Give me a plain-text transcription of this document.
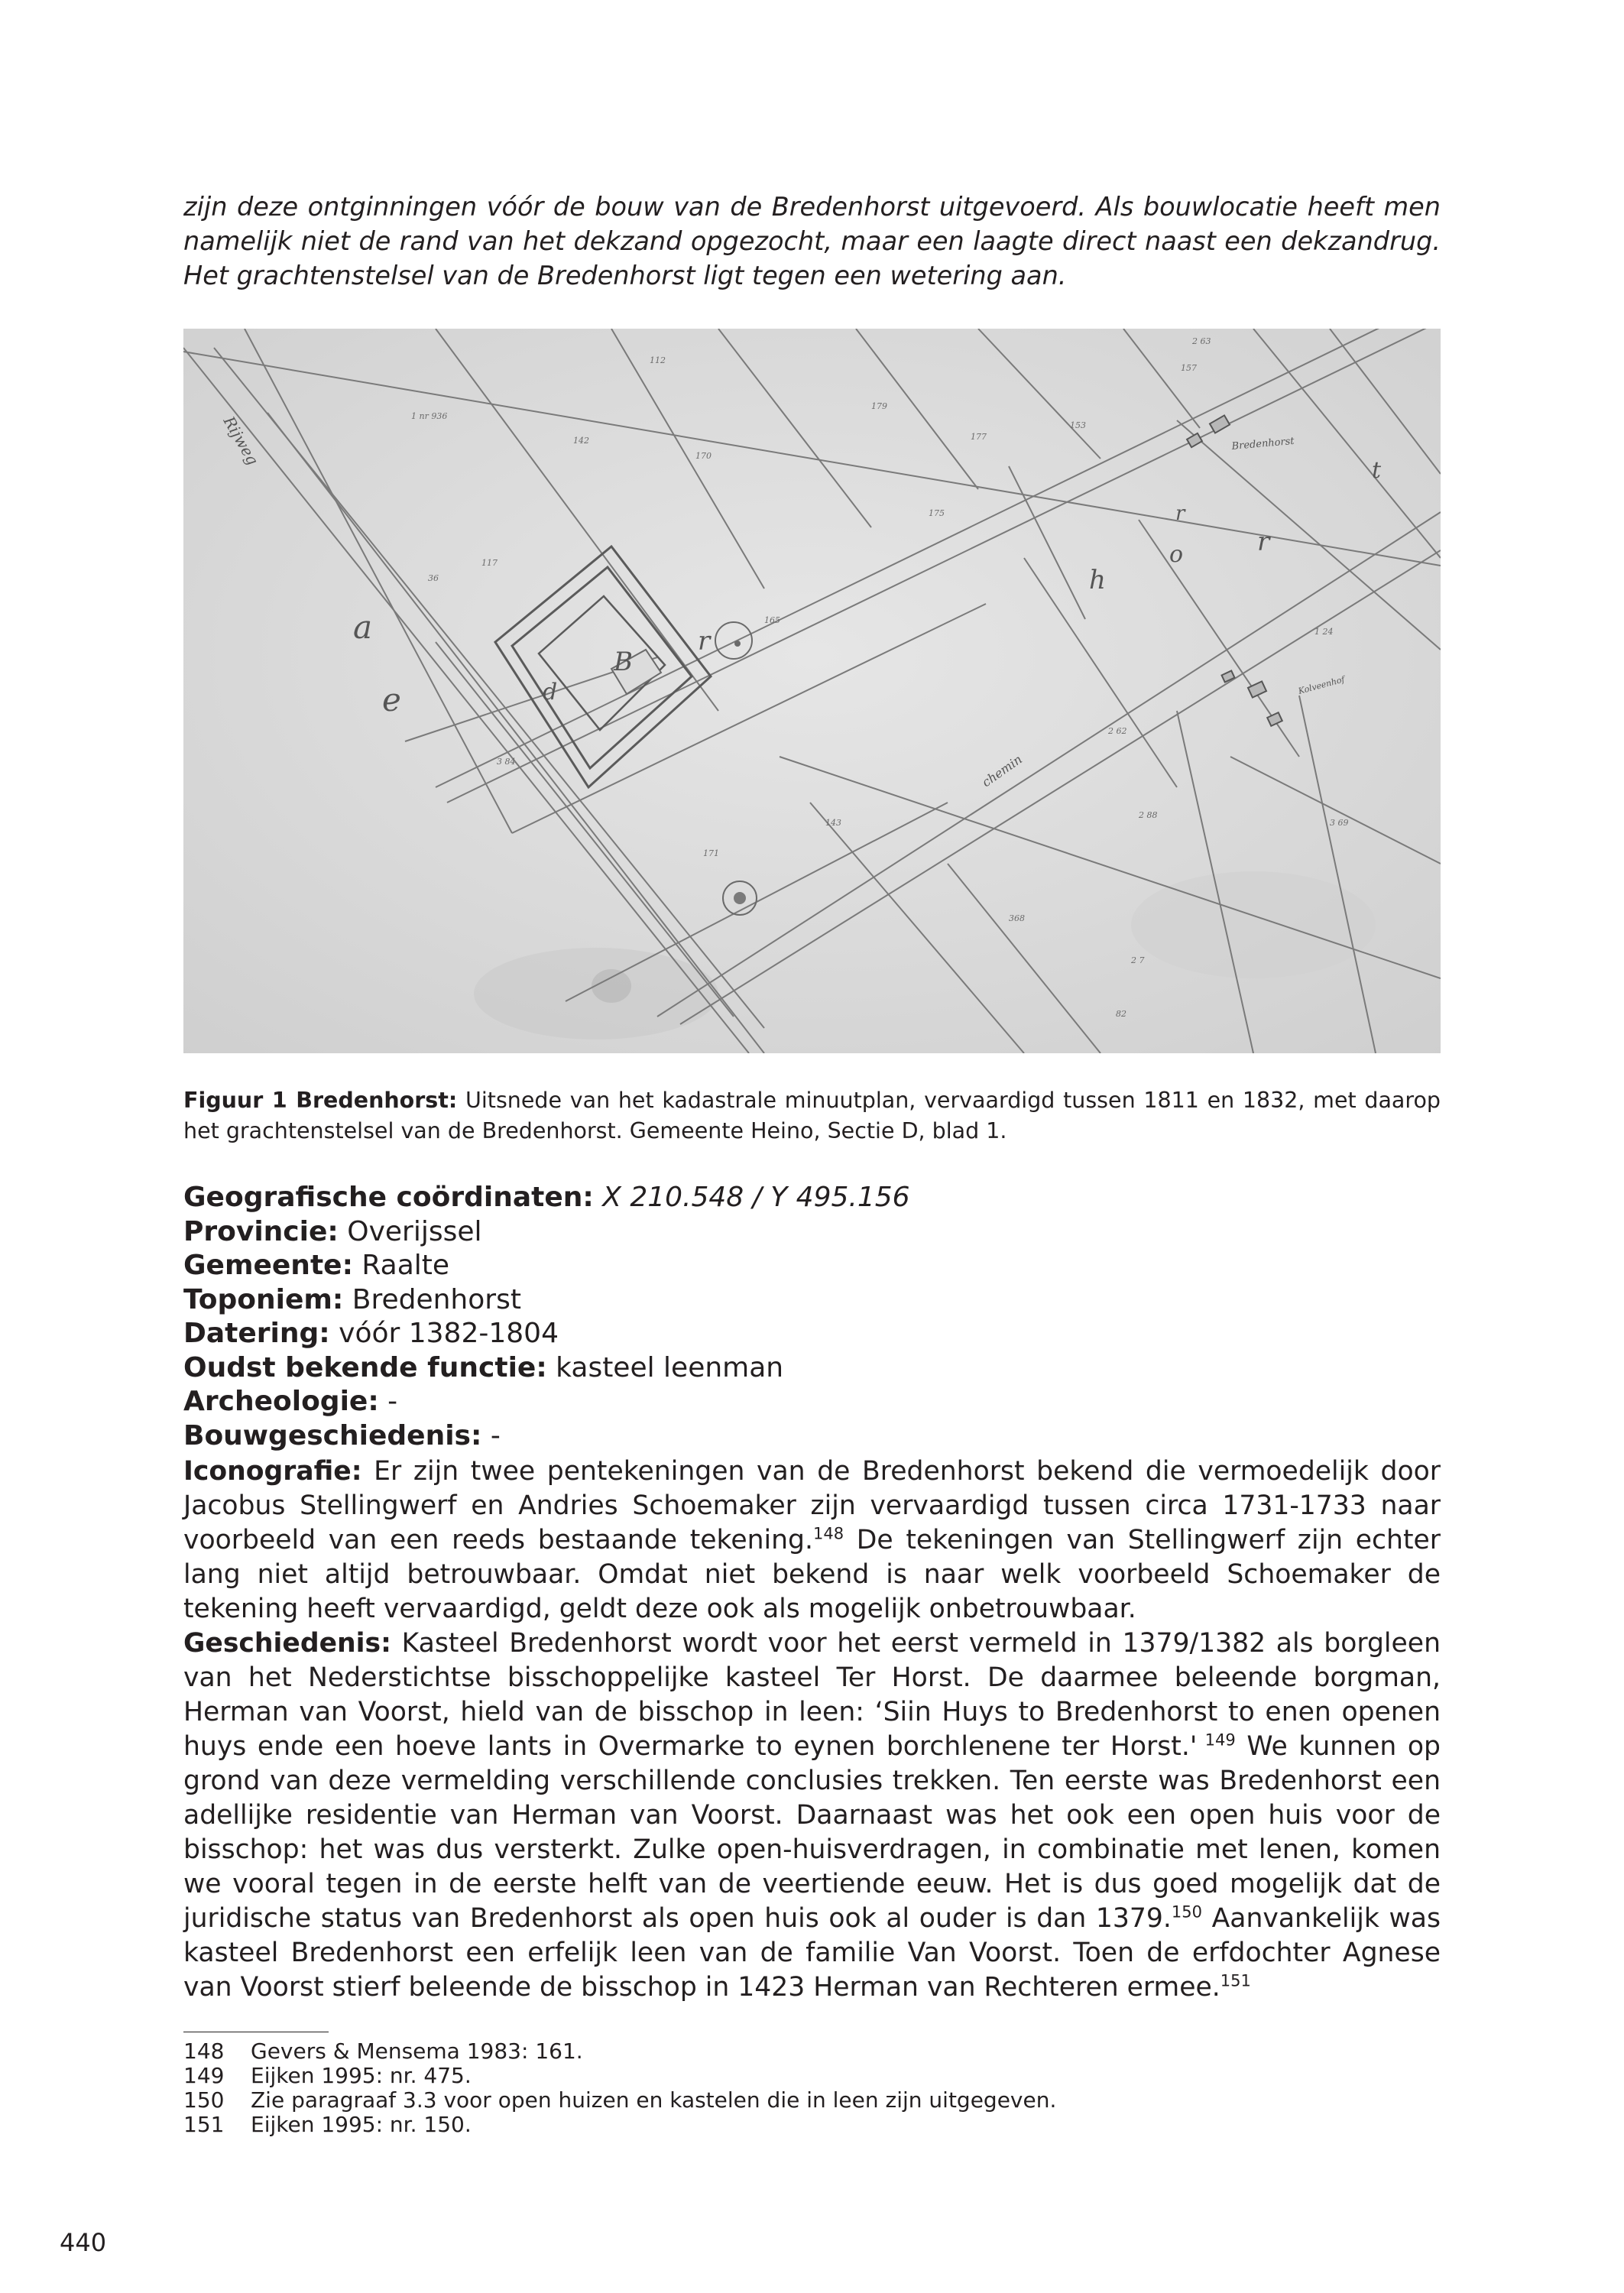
zijn deze ontginningen vóór de bouw van de Bredenhorst uitgevoerd. Als bouwlocatie heeft men namelijk niet de rand van het dekzand opgezocht, maar een laagte direct naast een dekzandrug. Het grachtenstelsel van de Bredenhorst ligt tegen een wetering aan.

Rijweg
a
e	d
B
r
h
o	r
r
t
Bredenhorst
Kolveenhof
chemin
1 nr 936
142
112
170
179
177
2 63
157
36
117
3 84
171
143
2 62
2 88
1 24
3 69
2 7
82
368
165
175
153

Figuur 1 Bredenhorst: Uitsnede van het kadastrale minuutplan, vervaardigd tussen 1811 en 1832, met daarop het grachtenstelsel van de Bredenhorst. Gemeente Heino, Sectie D, blad 1.

Geografische coördinaten: X 210.548 / Y 495.156

Provincie: Overijssel

Gemeente: Raalte

Toponiem: Bredenhorst

Datering: vóór 1382-1804

Oudst bekende functie: kasteel leenman

Archeologie: -

Bouwgeschiedenis: -

Iconografie: Er zijn twee pentekeningen van de Bredenhorst bekend die vermoedelijk door Jacobus Stellingwerf en Andries Schoemaker zijn vervaardigd tussen circa 1731-1733 naar voorbeeld van een reeds bestaande tekening.$^{148}$ De tekeningen van Stellingwerf zijn echter lang niet altijd betrouwbaar. Omdat niet bekend is naar welk voorbeeld Schoemaker de tekening heeft vervaardigd, geldt deze ook als mogelijk onbetrouwbaar.

Geschiedenis: Kasteel Bredenhorst wordt voor het eerst vermeld in 1379/1382 als borgleen van het Nederstichtse bisschoppelijke kasteel Ter Horst. De daarmee beleende borgman, Herman van Voorst, hield van de bisschop in leen: ‘Siin Huys to Bredenhorst to enen openen huys ende een hoeve lants in Overmarke to eynen borchlenene ter Horst.' $^{149}$ We kunnen op grond van deze vermelding verschillende conclusies trekken. Ten eerste was Bredenhorst een adellijke residentie van Herman van Voorst. Daarnaast was het ook een open huis voor de bisschop: het was dus versterkt. Zulke open-huisverdragen, in combinatie met lenen, komen we vooral tegen in de eerste helft van de veertiende eeuw. Het is dus goed mogelijk dat de juridische status van Bredenhorst als open huis ook al ouder is dan 1379.$^{150}$ Aanvankelijk was kasteel Bredenhorst een erfelijk leen van de familie Van Voorst. Toen de erfdochter Agnese van Voorst stierf beleende de bisschop in 1423 Herman van Rechteren ermee.$^{151}$

148 Gevers & Mensema 1983: 161.

149 Eijken 1995: nr. 475.

150 Zie paragraaf 3.3 voor open huizen en kastelen die in leen zijn uitgegeven.

151 Eijken 1995: nr. 150.

440
